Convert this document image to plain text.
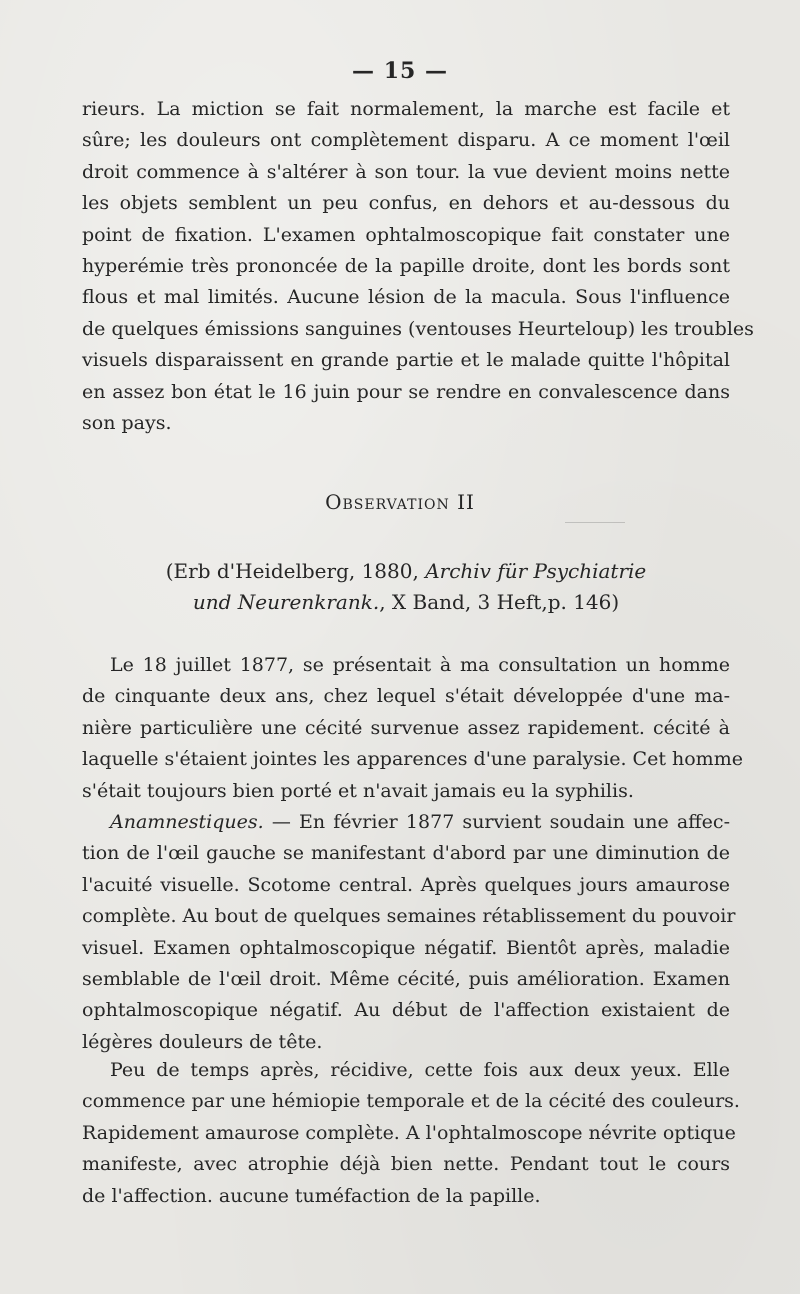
— 15 —
rieurs. La miction se fait normalement, la marche est facile et
sûre; les douleurs ont complètement disparu. A ce moment l'œil
droit commence à s'altérer à son tour. la vue devient moins nette
les objets semblent un peu confus, en dehors et au-dessous du
point de fixation. L'examen ophtalmoscopique fait constater une
hyperémie très prononcée de la papille droite, dont les bords sont
flous et mal limités. Aucune lésion de la macula. Sous l'influence
de quelques émissions sanguines (ventouses Heurteloup) les troubles
visuels disparaissent en grande partie et le malade quitte l'hôpital
en assez bon état le 16 juin pour se rendre en convalescence dans
son pays.
Observation II
(Erb d'Heidelberg, 1880, Archiv für Psychiatrie
und Neurenkrank., X Band, 3 Heft,p. 146)
Le 18 juillet 1877, se présentait à ma consultation un homme
de cinquante deux ans, chez lequel s'était développée d'une ma-
nière particulière une cécité survenue assez rapidement. cécité à
laquelle s'étaient jointes les apparences d'une paralysie. Cet homme
s'était toujours bien porté et n'avait jamais eu la syphilis.
Anamnestiques. — En février 1877 survient soudain une affec-
tion de l'œil gauche se manifestant d'abord par une diminution de
l'acuité visuelle. Scotome central. Après quelques jours amaurose
complète. Au bout de quelques semaines rétablissement du pouvoir
visuel. Examen ophtalmoscopique négatif. Bientôt après, maladie
semblable de l'œil droit. Même cécité, puis amélioration. Examen
ophtalmoscopique négatif. Au début de l'affection existaient de
légères douleurs de tête.
Peu de temps après, récidive, cette fois aux deux yeux. Elle
commence par une hémiopie temporale et de la cécité des couleurs.
Rapidement amaurose complète. A l'ophtalmoscope névrite optique
manifeste, avec atrophie déjà bien nette. Pendant tout le cours
de l'affection. aucune tuméfaction de la papille.
